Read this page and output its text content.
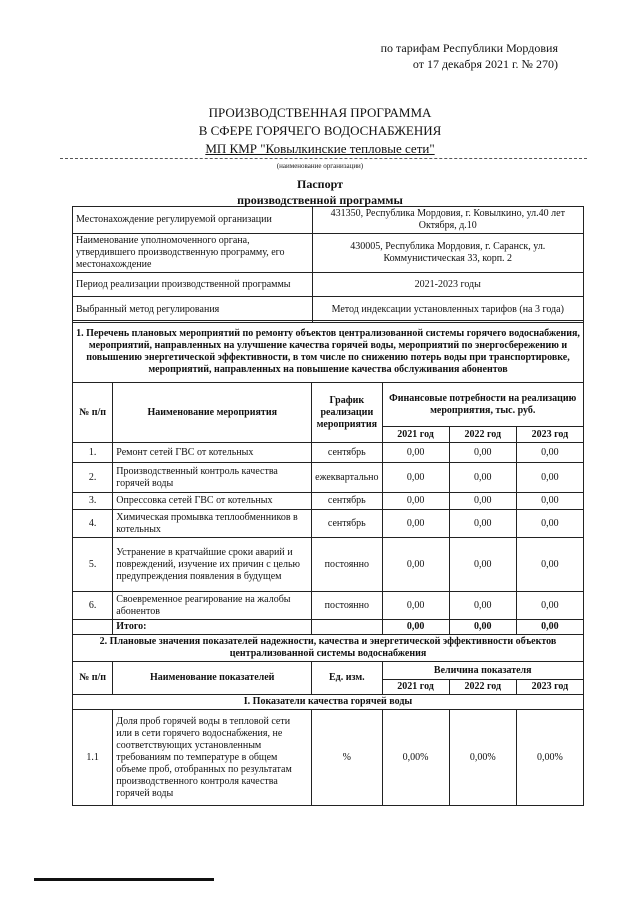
по тарифам Республики Мордовия
от 17 декабря 2021 г. № 270)
ПРОИЗВОДСТВЕННАЯ ПРОГРАММА
В СФЕРЕ ГОРЯЧЕГО ВОДОСНАБЖЕНИЯ
МП КМР "Ковылкинские тепловые сети"
(наименование организации)
Паспорт
производственной программы
Местонахождение регулируемой организации	431350, Республика Мордовия, г. Ковылкино, ул.40 лет Октября, д.10
Наименование уполномоченного органа, утвердившего производственную программу, его местонахождение	430005, Республика Мордовия, г. Саранск, ул. Коммунистическая 33, корп. 2
Период реализации производственной программы	2021-2023 годы
Выбранный метод регулирования	Метод индексации установленных тарифов (на 3 года)
1. Перечень плановых мероприятий по ремонту объектов централизованной системы горячего водоснабжения, мероприятий, направленных на улучшение качества горячей воды, мероприятий по энергосбережению и повышению энергетической эффективности, в том числе по снижению потерь воды при транспортировке, мероприятий, направленных на повышение качества обслуживания абонентов					
№ п/п	Наименование мероприятия	График реализации мероприятия	Финансовые потребности на реализацию мероприятия, тыс. руб.		
			2021 год	2022 год	2023 год
1.	Ремонт сетей ГВС от котельных	сентябрь	0,00	0,00	0,00
2.	Производственный контроль качества горячей воды	ежеквартально	0,00	0,00	0,00
3.	Опрессовка сетей ГВС от котельных	сентябрь	0,00	0,00	0,00
4.	Химическая промывка теплообменников в котельных	сентябрь	0,00	0,00	0,00
5.	Устранение в кратчайшие сроки аварий и повреждений, изучение их причин с целью предупреждения появления в будущем	постоянно	0,00	0,00	0,00
6.	Своевременное реагирование на жалобы абонентов	постоянно	0,00	0,00	0,00
	Итого:		0,00	0,00	0,00
2. Плановые значения показателей надежности, качества и энергетической эффективности объектов централизованной системы водоснабжения					
№ п/п	Наименование показателей	Ед. изм.	Величина показателя		
			2021 год	2022 год	2023 год
I. Показатели качества горячей воды					
1.1	Доля проб горячей воды в тепловой сети или в сети горячего водоснабжения, не соответствующих установленным требованиям по температуре в общем объеме проб, отобранных по результатам производственного контроля качества горячей воды	%	0,00%	0,00%	0,00%
